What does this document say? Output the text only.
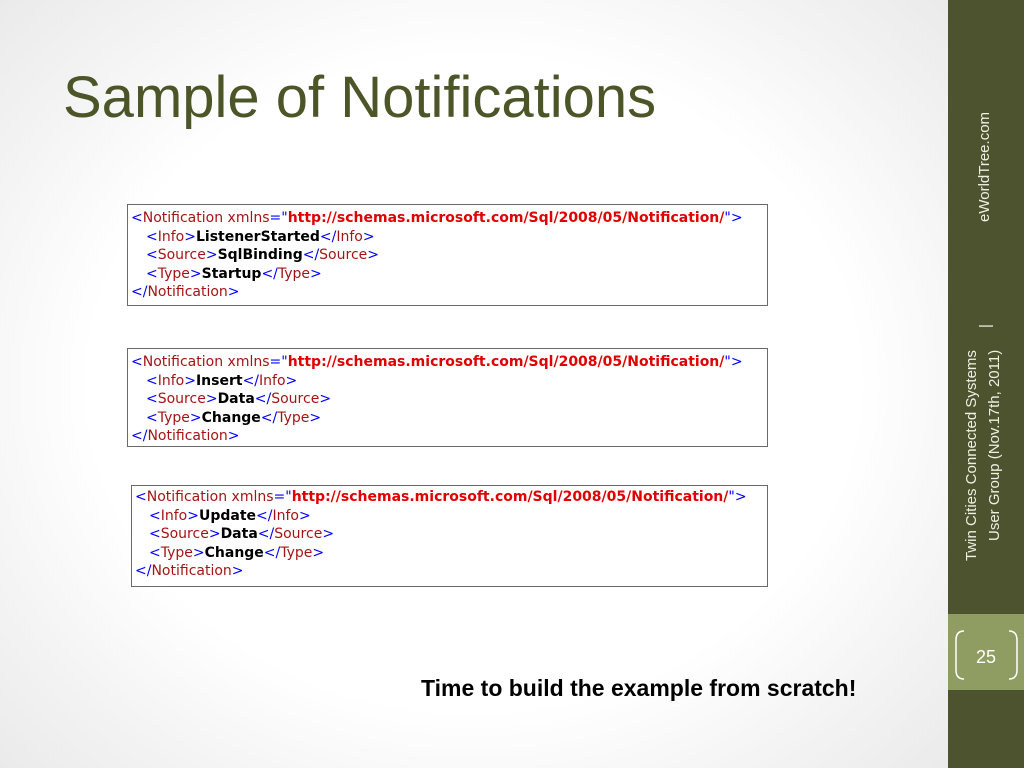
Sample of Notifications
<Notification xmlns="http://schemas.microsoft.com/Sql/2008/05/Notification/">
<Info>ListenerStarted</Info>
<Source>SqlBinding</Source>
<Type>Startup</Type>
</Notification>
<Notification xmlns="http://schemas.microsoft.com/Sql/2008/05/Notification/">
<Info>Insert</Info>
<Source>Data</Source>
<Type>Change</Type>
</Notification>
<Notification xmlns="http://schemas.microsoft.com/Sql/2008/05/Notification/">
<Info>Update</Info>
<Source>Data</Source>
<Type>Change</Type>
</Notification>
Time to build the example from scratch!
eWorldTree.com
|
Twin Cities Connected Systems User Group (Nov.17th, 2011)
25
